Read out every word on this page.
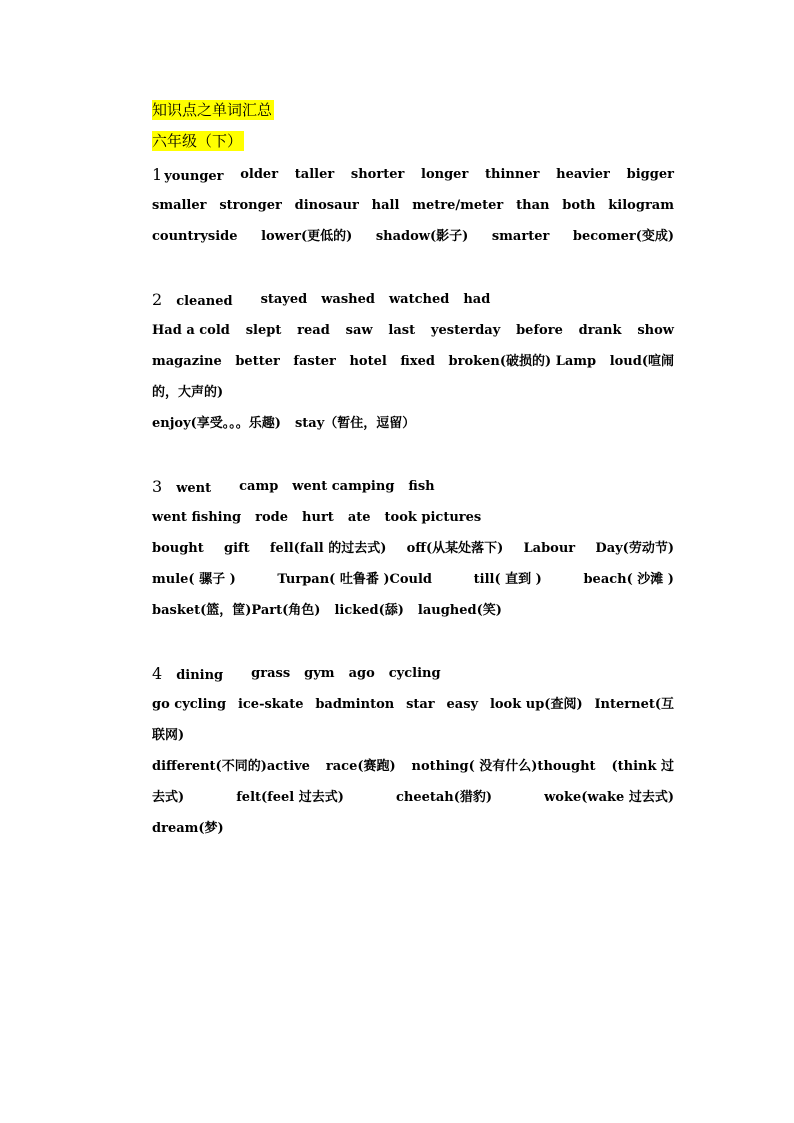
知识点之单词汇总
六年级（下）
1 younger older taller shorter longer thinner heavier bigger
smaller stronger dinosaur hall metre/meter than both kilogram
countryside lower(更低的) shadow(影子) smarter becomer(变成)
2 cleaned	stayed washed watched had
Had a cold slept read saw last yesterday before drank show
magazine better faster hotel fixed broken(破损的) Lamp loud(喧闹
的，大声的)
enjoy(享受。。。乐趣) stay（暂住，逗留）
3 went	camp went camping fish
went fishing rode hurt ate took pictures
bought gift fell(fall 的过去式) off(从某处落下) Labour Day(劳动节)
mule( 骡子 )	Turpan( 吐鲁番 )Could	till( 直到 )	beach( 沙滩 )
basket(篮，筐)Part(角色) licked(舔) laughed(笑)
4 dining	grass gym ago cycling
go cycling ice-skate badminton star easy look up(查阅) Internet(互
联网)
different(不同的)active race(赛跑) nothing( 没有什么)thought (think 过
去式)	felt(feel 过去式)	cheetah(猎豹)	woke(wake 过去式)
dream(梦)
